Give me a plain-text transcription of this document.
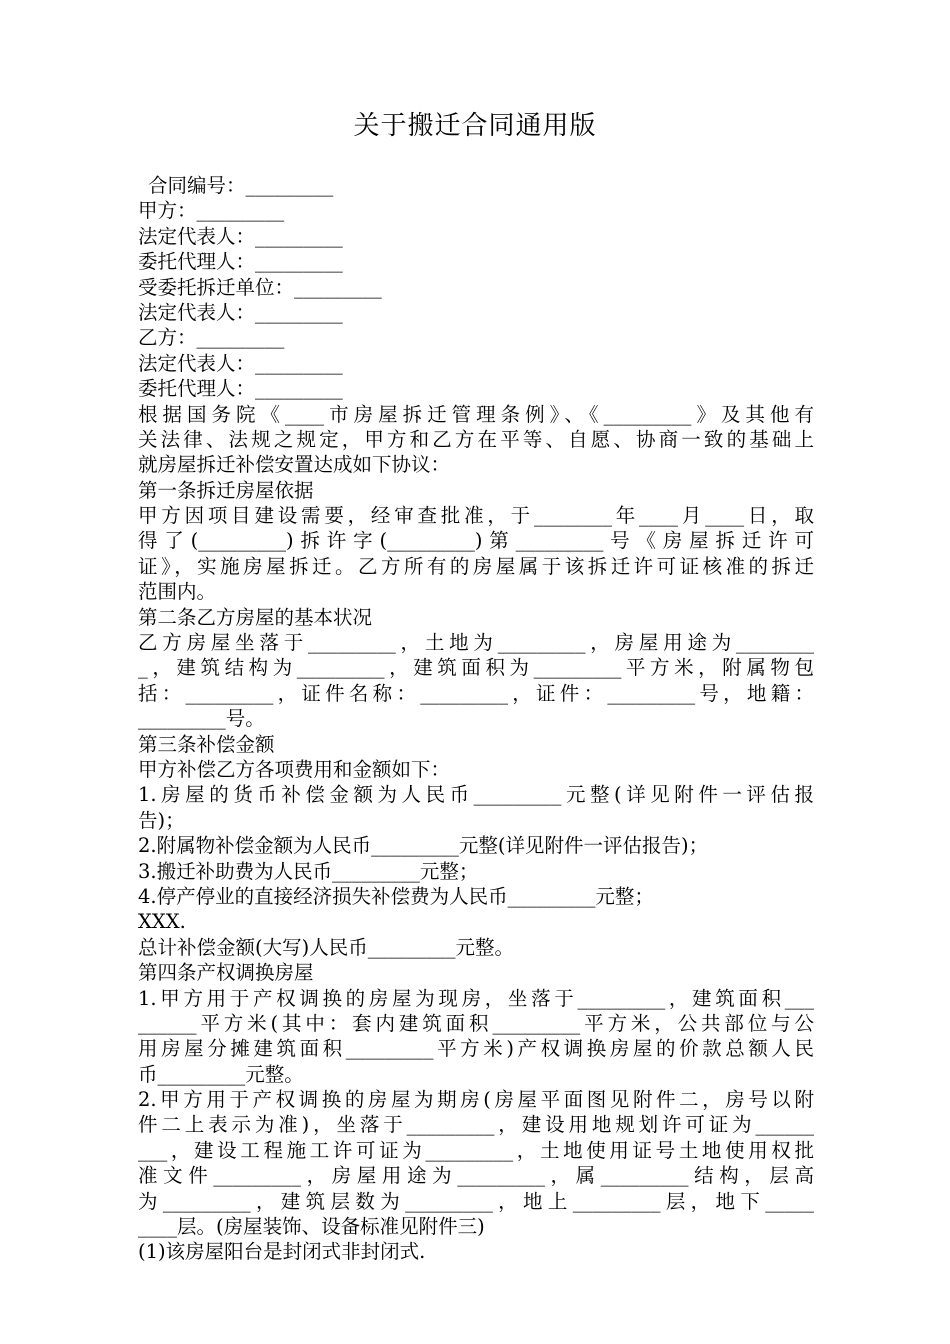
关于搬迁合同通用版
合同编号：_________
甲方：_________
法定代表人：_________
委托代理人：_________
受委托拆迁单位：_________
法定代表人：_________
乙方：_________
法定代表人：_________
委托代理人：_________
根据国务院《____市房屋拆迁管理条例》、《_________》及其他有
关法律、法规之规定，甲方和乙方在平等、自愿、协商一致的基础上
就房屋拆迁补偿安置达成如下协议：
第一条拆迁房屋依据
甲方因项目建设需要，经审查批准，于________年____月____日，取
得了(_________)拆许字(_________)第_________号《房屋拆迁许可
证》，实施房屋拆迁。乙方所有的房屋属于该拆迁许可证核准的拆迁
范围内。
第二条乙方房屋的基本状况
乙方房屋坐落于_________，土地为_________，房屋用途为________
_，建筑结构为_________，建筑面积为_________平方米，附属物包
括：_________，证件名称：_________，证件：_________号，地籍：
_________号。
第三条补偿金额
甲方补偿乙方各项费用和金额如下：
1.房屋的货币补偿金额为人民币_________元整(详见附件一评估报
告)；
2.附属物补偿金额为人民币_________元整(详见附件一评估报告)；
3.搬迁补助费为人民币_________元整；
4.停产停业的直接经济损失补偿费为人民币_________元整；
XXX.
总计补偿金额(大写)人民币_________元整。
第四条产权调换房屋
1.甲方用于产权调换的房屋为现房，坐落于_________，建筑面积___
______平方米(其中：套内建筑面积_________平方米，公共部位与公
用房屋分摊建筑面积_________平方米)产权调换房屋的价款总额人民
币_________元整。
2.甲方用于产权调换的房屋为期房(房屋平面图见附件二，房号以附
件二上表示为准)，坐落于_________，建设用地规划许可证为______
___，建设工程施工许可证为_________，土地使用证号土地使用权批
准文件_________，房屋用途为_________，属_________结构，层高
为_________，建筑层数为_________，地上_________层，地下_____
____层。(房屋装饰、设备标准见附件三)
(1)该房屋阳台是封闭式非封闭式.
